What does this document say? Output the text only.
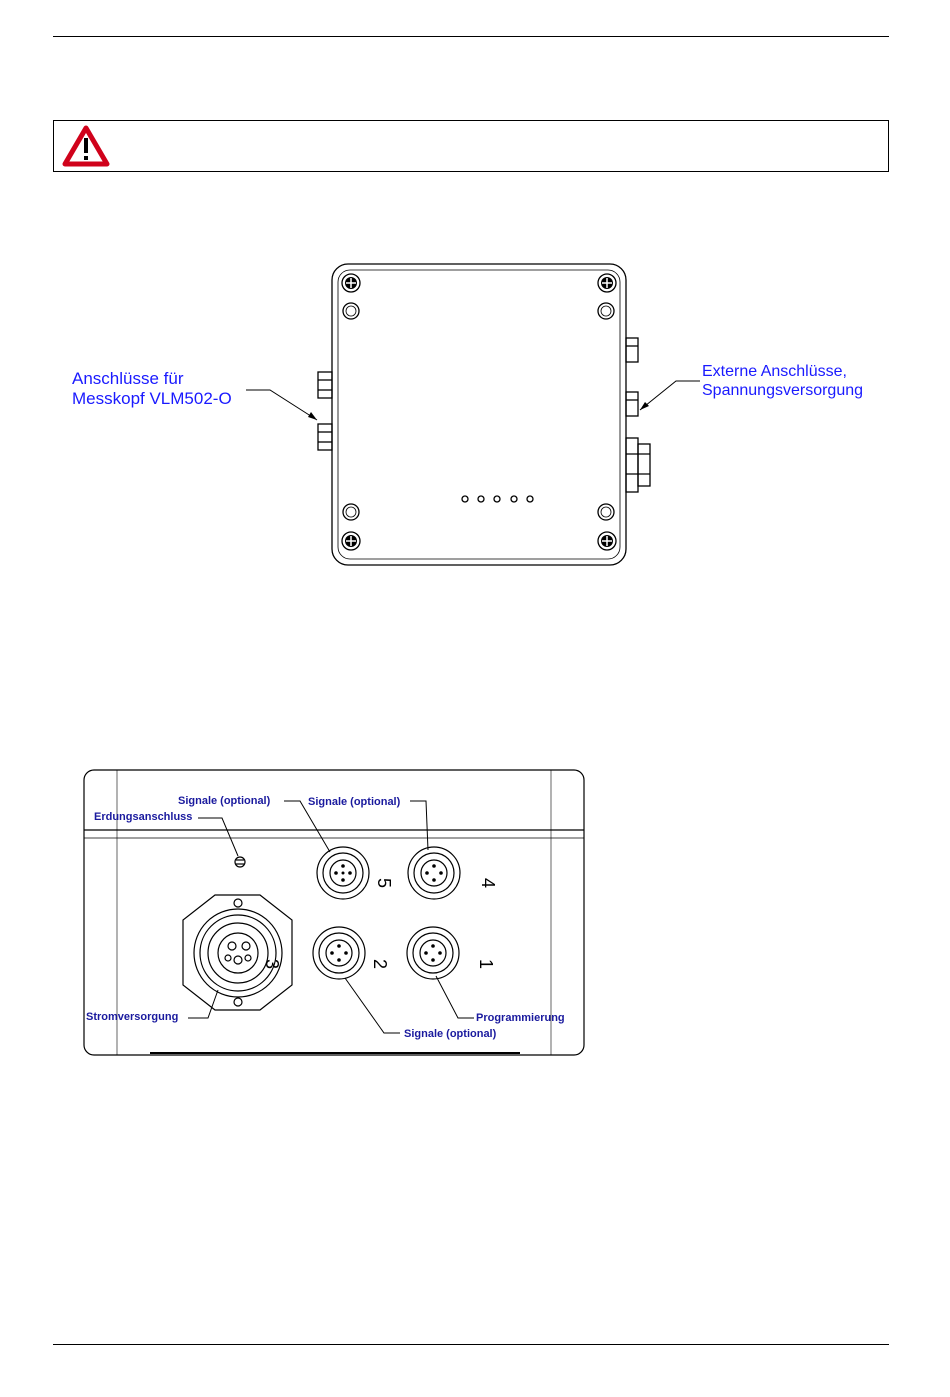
Anschlüsse für
Messkopf VLM502-O
Externe Anschlüsse,
Spannungsversorgung
5	4
3	2	1
Signale (optional)	Signale (optional)
Erdungsanschluss
Stromversorgung
Signale (optional)
Programmierung
